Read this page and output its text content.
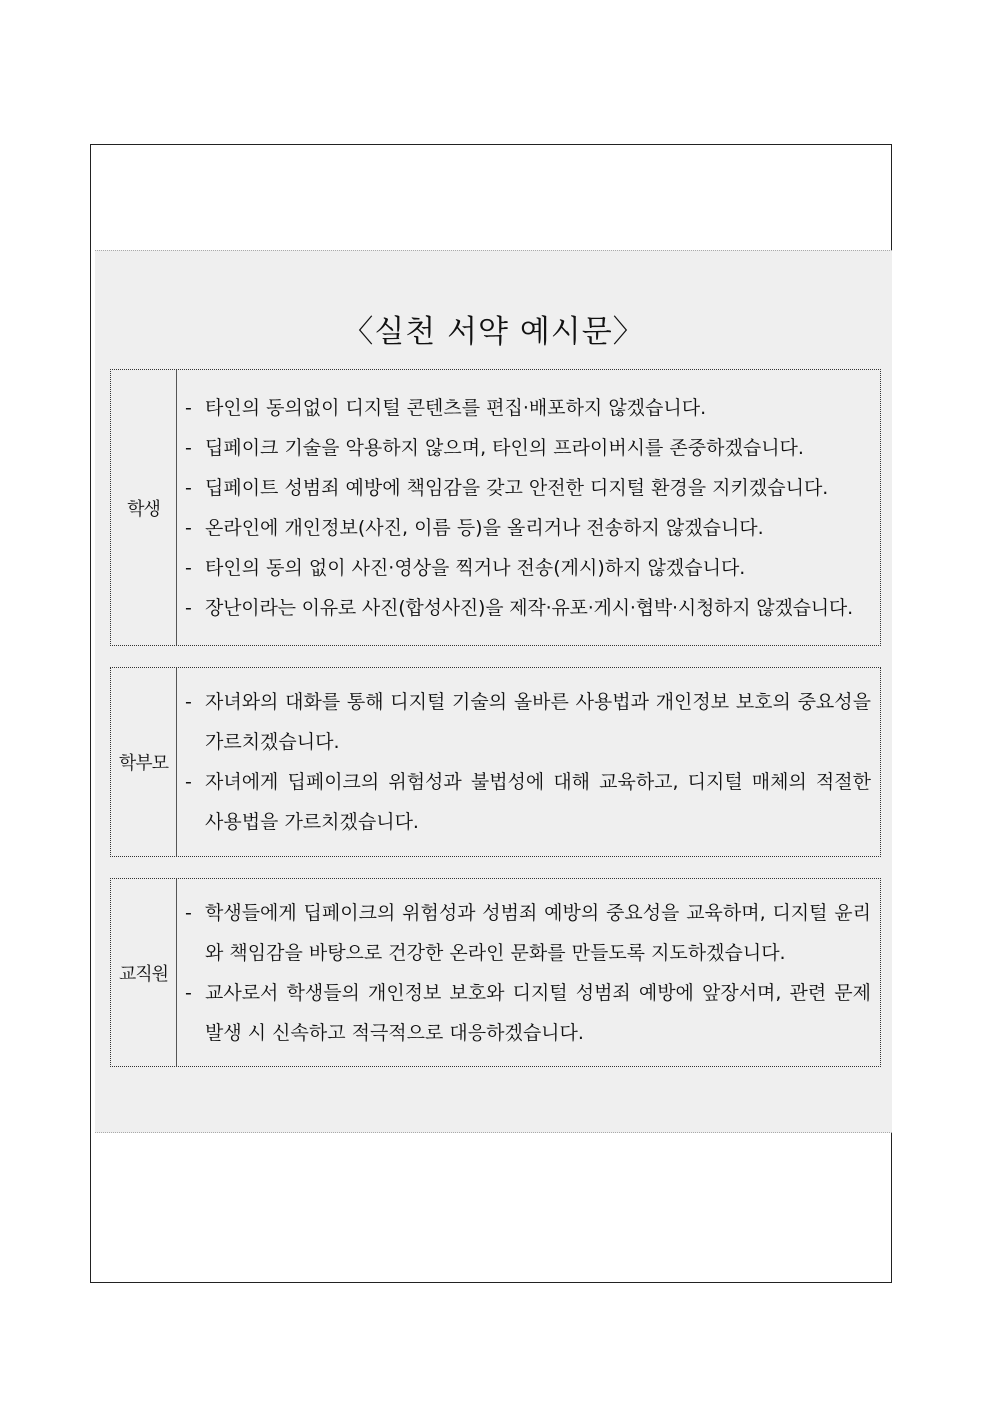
〈실천 서약 예시문〉
학생
- 타인의 동의없이 디지털 콘텐츠를 편집·배포하지 않겠습니다.
- 딥페이크 기술을 악용하지 않으며, 타인의 프라이버시를 존중하겠습니다.
- 딥페이트 성범죄 예방에 책임감을 갖고 안전한 디지털 환경을 지키겠습니다.
- 온라인에 개인정보(사진, 이름 등)을 올리거나 전송하지 않겠습니다.
- 타인의 동의 없이 사진·영상을 찍거나 전송(게시)하지 않겠습니다.
- 장난이라는 이유로 사진(합성사진)을 제작·유포·게시·협박·시청하지 않겠습니다.
학부모
- 자녀와의 대화를 통해 디지털 기술의 올바른 사용법과 개인정보 보호의 중요성을 가르치겠습니다.
- 자녀에게 딥페이크의 위험성과 불법성에 대해 교육하고, 디지털 매체의 적절한 사용법을 가르치겠습니다.
교직원
- 학생들에게 딥페이크의 위험성과 성범죄 예방의 중요성을 교육하며, 디지털 윤리와 책임감을 바탕으로 건강한 온라인 문화를 만들도록 지도하겠습니다.
- 교사로서 학생들의 개인정보 보호와 디지털 성범죄 예방에 앞장서며, 관련 문제 발생 시 신속하고 적극적으로 대응하겠습니다.
